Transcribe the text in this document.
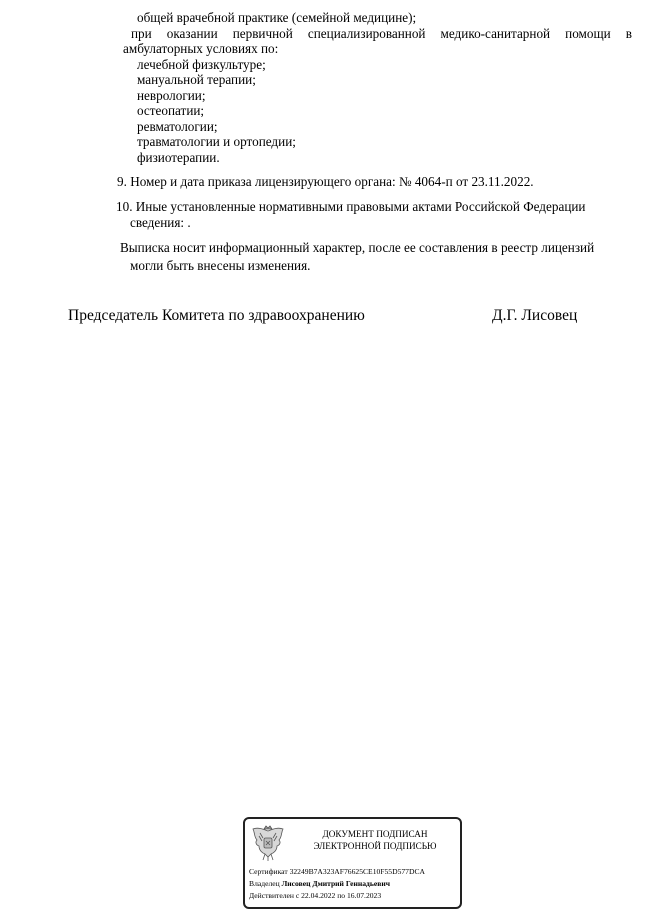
общей врачебной практике (семейной медицине);
при оказании первичной специализированной медико-санитарной помощи в
амбулаторных условиях по:
лечебной физкультуре;
мануальной терапии;
неврологии;
остеопатии;
ревматологии;
травматологии и ортопедии;
физиотерапии.
9. Номер и дата приказа лицензирующего органа: № 4064-п от 23.11.2022.
10. Иные установленные нормативными правовыми актами Российской Федерации
сведения: .
Выписка носит информационный характер, после ее составления в реестр лицензий
могли быть внесены изменения.
Председатель Комитета по здравоохранению	Д.Г. Лисовец
ДОКУМЕНТ ПОДПИСАН
ЭЛЕКТРОННОЙ ПОДПИСЬЮ
Сертификат 32249B7A323AF76625CE10F55D577DCA
Владелец Лисовец Дмитрий Геннадьевич
Действителен с 22.04.2022 по 16.07.2023
